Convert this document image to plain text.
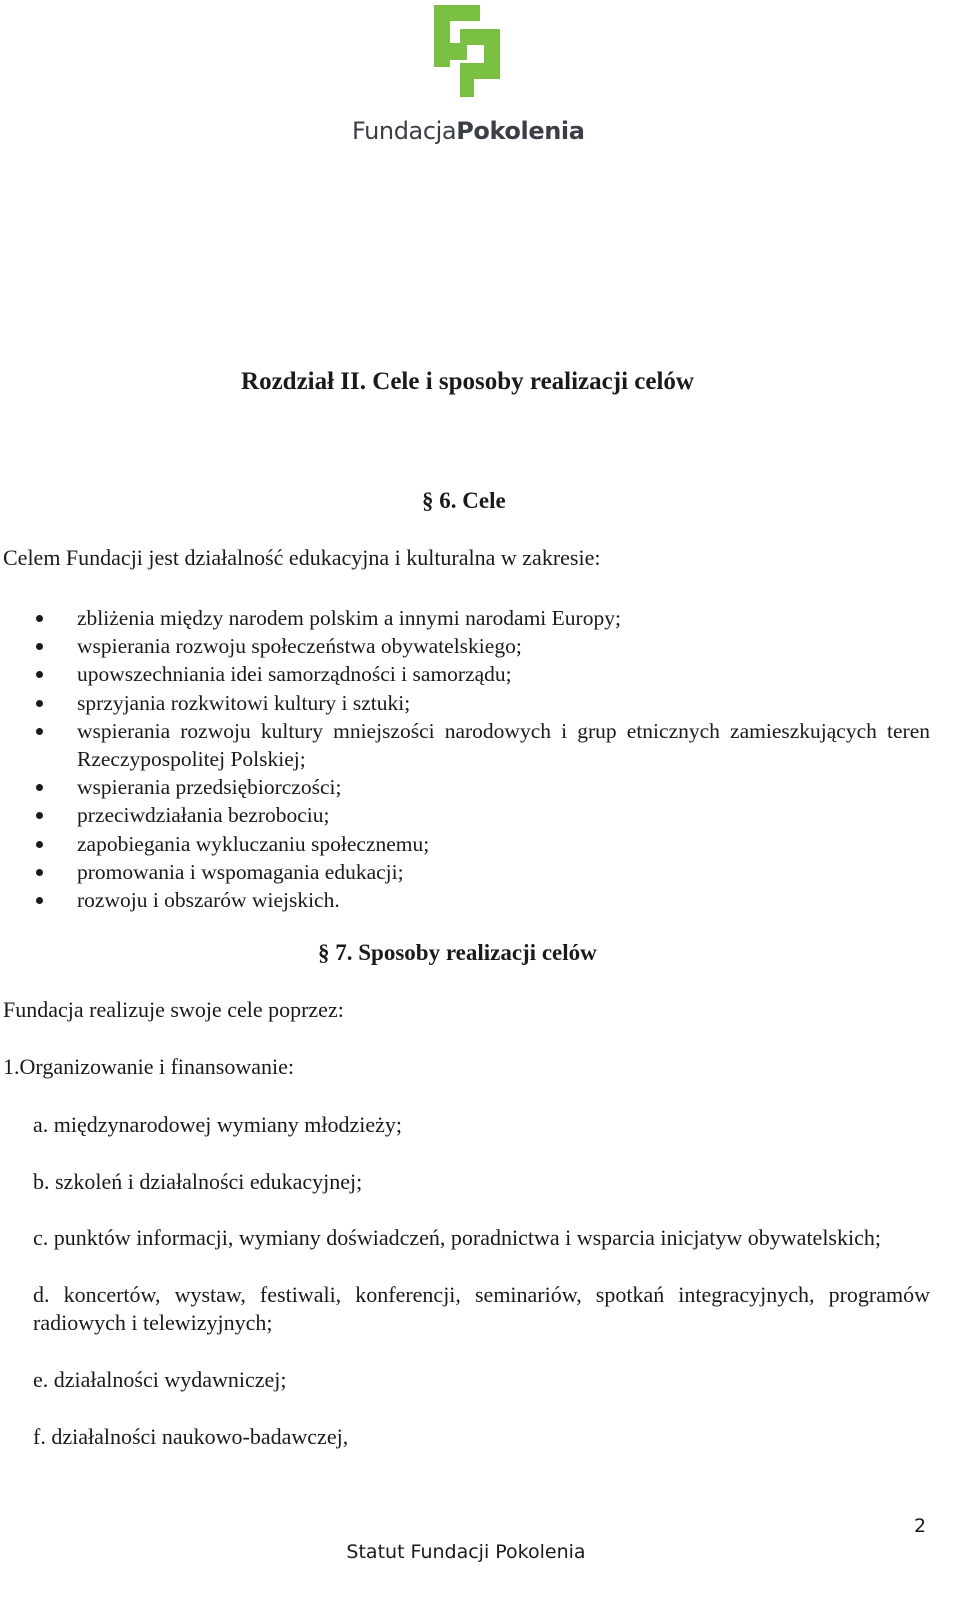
FundacjaPokolenia
Rozdział II. Cele i sposoby realizacji celów
§ 6. Cele

Celem Fundacji jest działalność edukacyjna i kulturalna w zakresie:

zbliżenia między narodem polskim a innymi narodami Europy;
wspierania rozwoju społeczeństwa obywatelskiego;
upowszechniania idei samorządności i samorządu;
sprzyjania rozkwitowi kultury i sztuki;
wspierania rozwoju kultury mniejszości narodowych i grup etnicznych zamieszkujących teren Rzeczypospolitej Polskiej;
wspierania przedsiębiorczości;
przeciwdziałania bezrobociu;
zapobiegania wykluczaniu społecznemu;
promowania i wspomagania edukacji;
rozwoju i obszarów wiejskich.
§ 7. Sposoby realizacji celów

Fundacja realizuje swoje cele poprzez:

1.Organizowanie i finansowanie:

a. międzynarodowej wymiany młodzieży;
b. szkoleń i działalności edukacyjnej;
c. punktów informacji, wymiany doświadczeń, poradnictwa i wsparcia inicjatyw obywatelskich;
d. koncertów, wystaw, festiwali, konferencji, seminariów, spotkań integracyjnych, programów radiowych i telewizyjnych;
e. działalności wydawniczej;
f. działalności naukowo-badawczej,

2

Statut Fundacji Pokolenia
